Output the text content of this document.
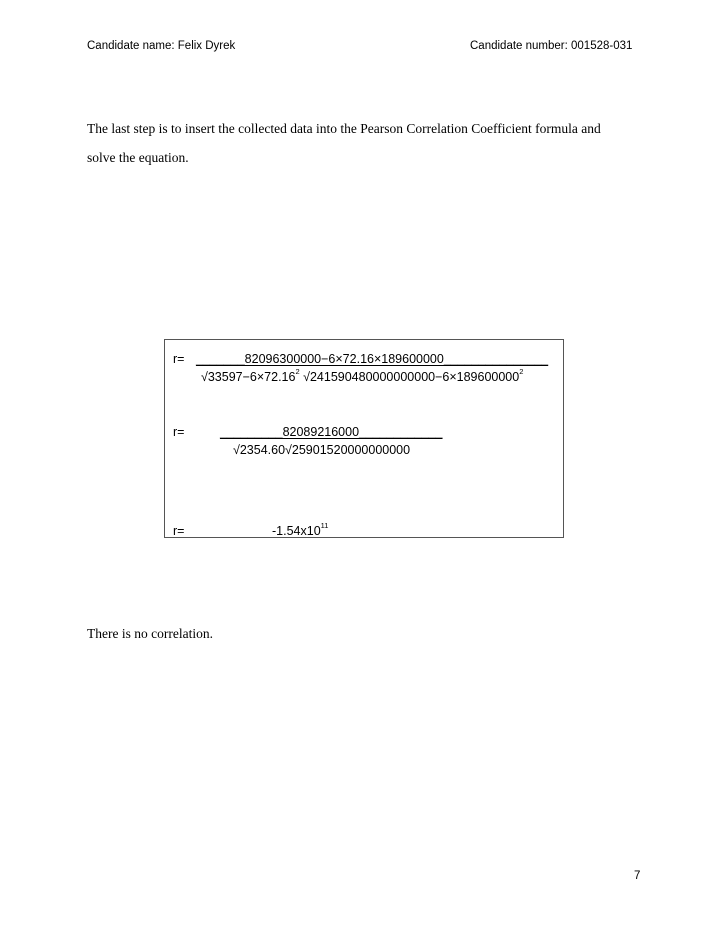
Candidate name: Felix Dyrek	Candidate number: 001528-031
The last step is to insert the collected data into the Pearson Correlation Coefficient formula and
solve the equation.
r= _______82096300000−6×72.16×189600000_______________
$√33597-6\times 72.16^2$ $√241590480000000000-6\times 189600000^2$
r=	_________82089216000____________
√2354.60√25901520000000000
r=	$-1.54x10^{11}$
There is no correlation.
7
